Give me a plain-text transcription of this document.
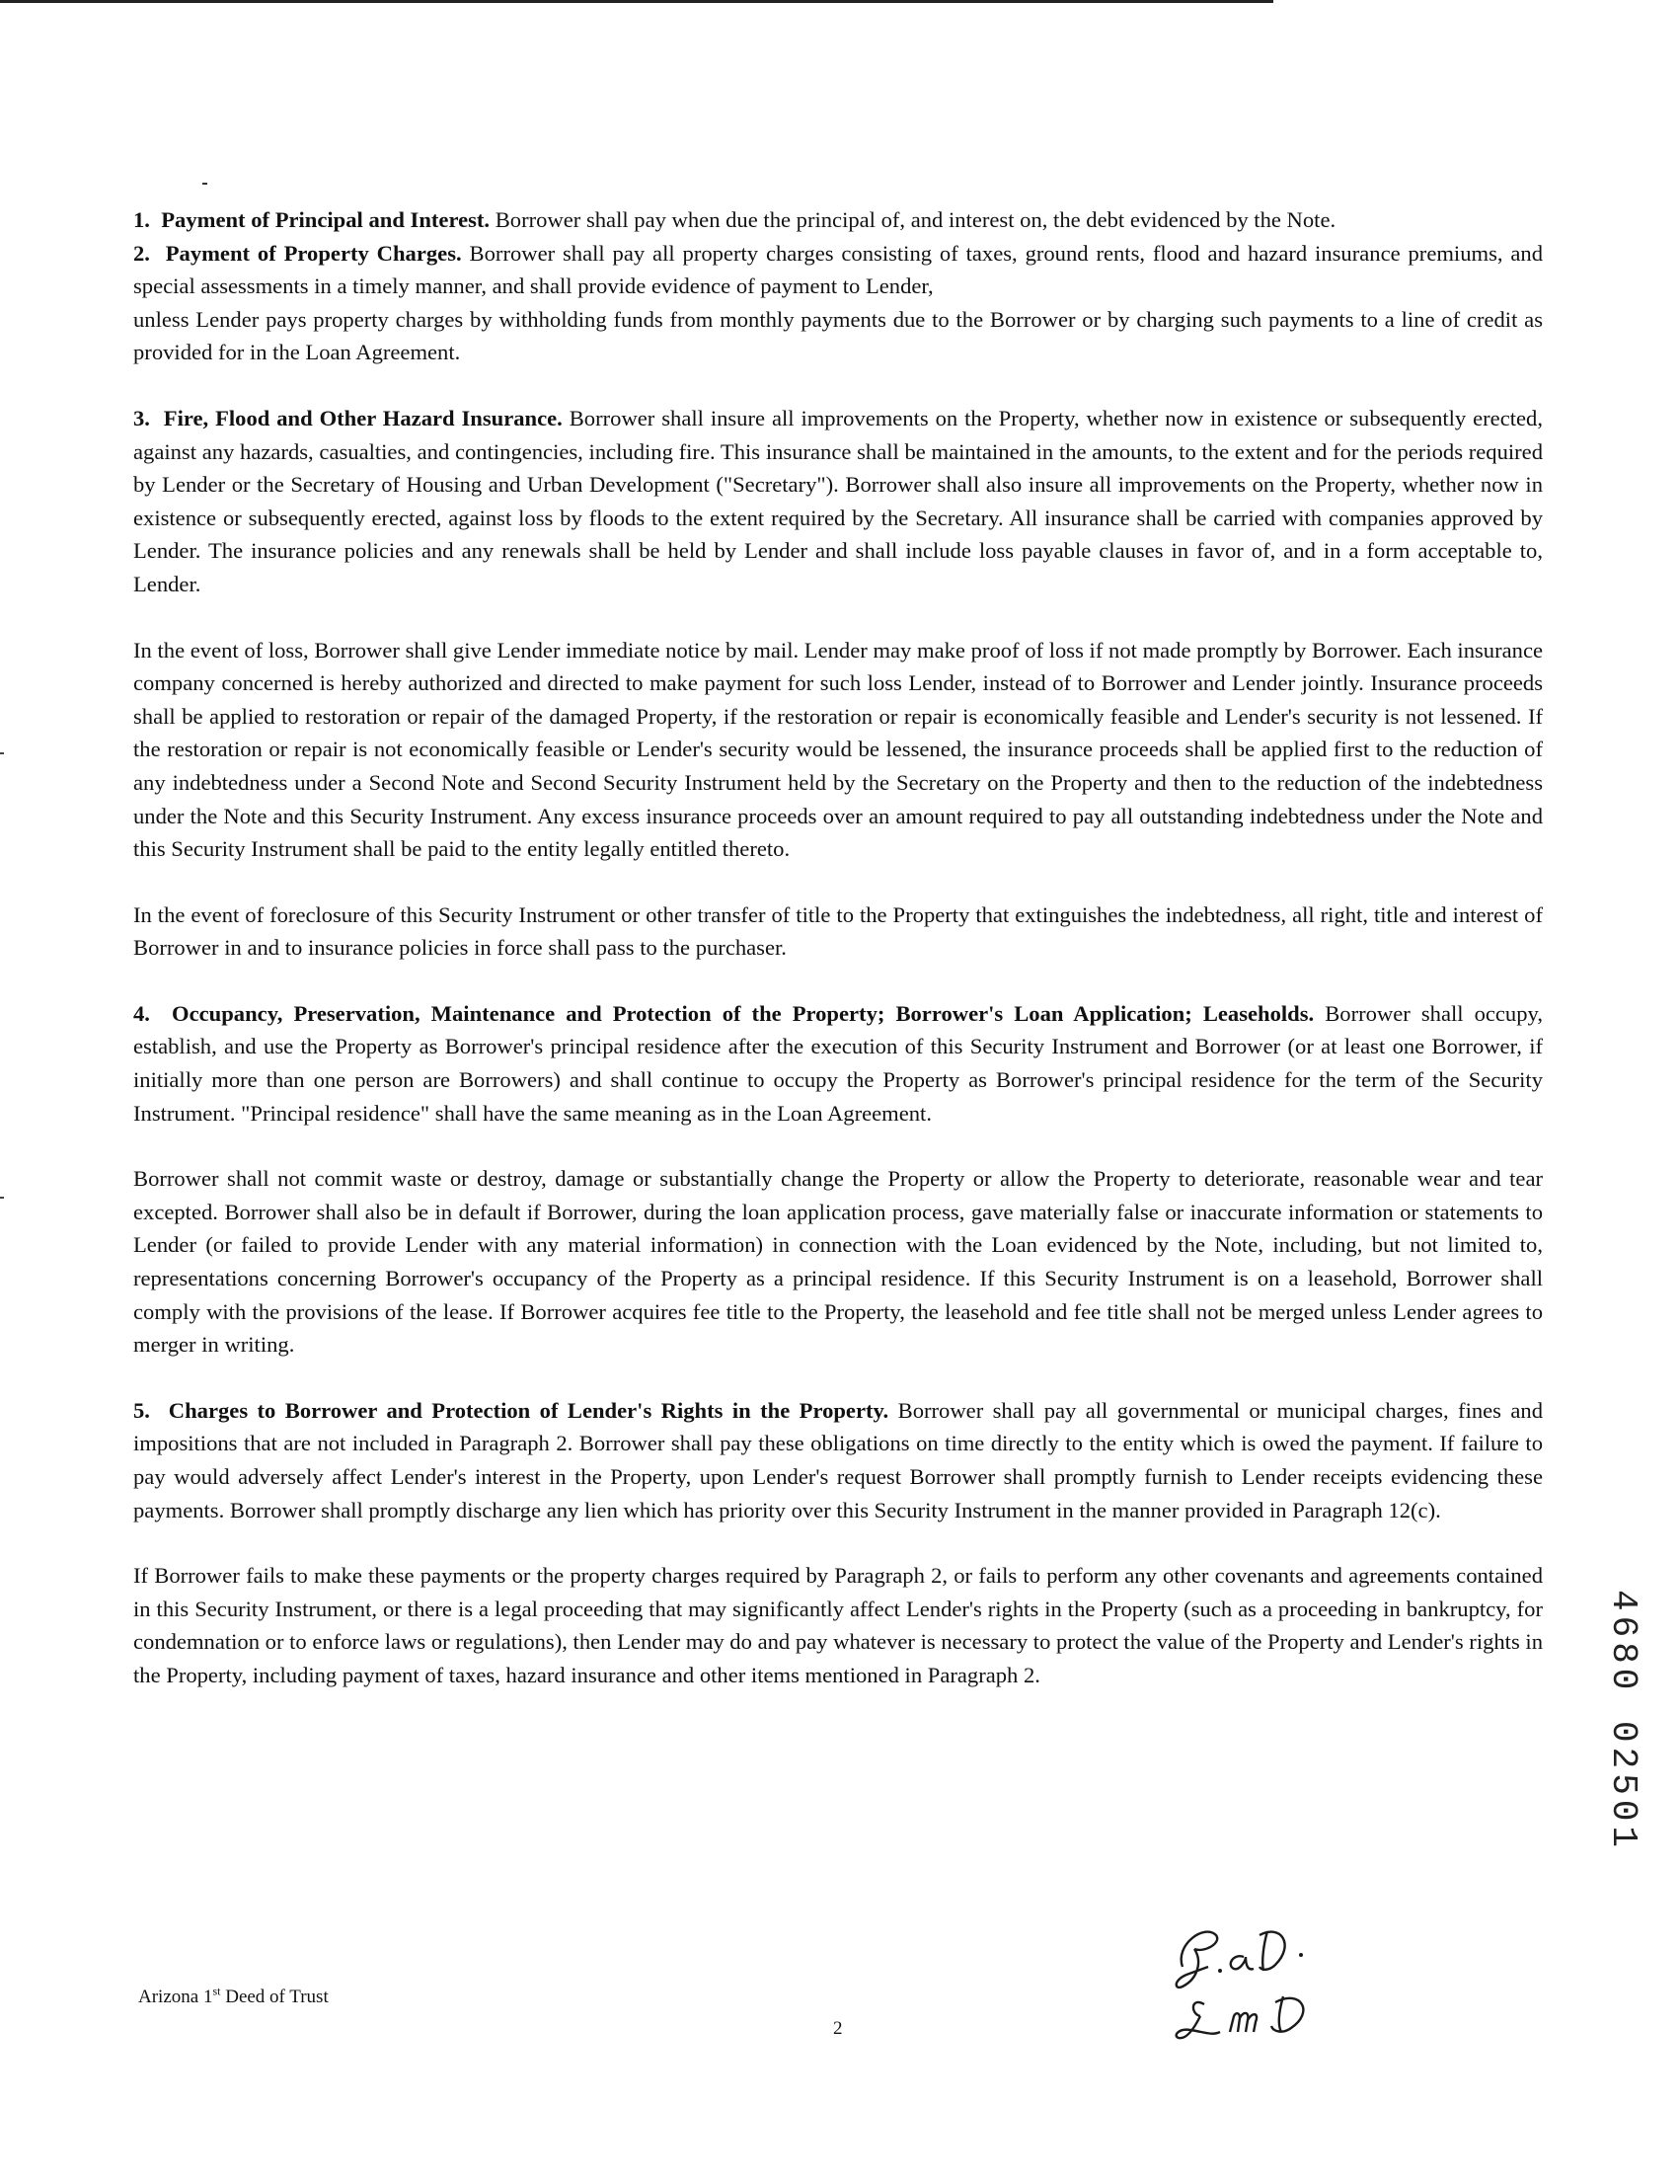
1. Payment of Principal and Interest. Borrower shall pay when due the principal of, and interest on, the debt evidenced by the Note.

2. Payment of Property Charges. Borrower shall pay all property charges consisting of taxes, ground rents, flood and hazard insurance premiums, and special assessments in a timely manner, and shall provide evidence of payment to Lender,

unless Lender pays property charges by withholding funds from monthly payments due to the Borrower or by charging such payments to a line of credit as provided for in the Loan Agreement.

3. Fire, Flood and Other Hazard Insurance. Borrower shall insure all improvements on the Property, whether now in existence or subsequently erected, against any hazards, casualties, and contingencies, including fire. This insurance shall be maintained in the amounts, to the extent and for the periods required by Lender or the Secretary of Housing and Urban Development ("Secretary"). Borrower shall also insure all improvements on the Property, whether now in existence or subsequently erected, against loss by floods to the extent required by the Secretary. All insurance shall be carried with companies approved by Lender. The insurance policies and any renewals shall be held by Lender and shall include loss payable clauses in favor of, and in a form acceptable to, Lender.

In the event of loss, Borrower shall give Lender immediate notice by mail. Lender may make proof of loss if not made promptly by Borrower. Each insurance company concerned is hereby authorized and directed to make payment for such loss Lender, instead of to Borrower and Lender jointly. Insurance proceeds shall be applied to restoration or repair of the damaged Property, if the restoration or repair is economically feasible and Lender's security is not lessened. If the restoration or repair is not economically feasible or Lender's security would be lessened, the insurance proceeds shall be applied first to the reduction of any indebtedness under a Second Note and Second Security Instrument held by the Secretary on the Property and then to the reduction of the indebtedness under the Note and this Security Instrument. Any excess insurance proceeds over an amount required to pay all outstanding indebtedness under the Note and this Security Instrument shall be paid to the entity legally entitled thereto.

In the event of foreclosure of this Security Instrument or other transfer of title to the Property that extinguishes the indebtedness, all right, title and interest of Borrower in and to insurance policies in force shall pass to the purchaser.

4. Occupancy, Preservation, Maintenance and Protection of the Property; Borrower's Loan Application; Leaseholds. Borrower shall occupy, establish, and use the Property as Borrower's principal residence after the execution of this Security Instrument and Borrower (or at least one Borrower, if initially more than one person are Borrowers) and shall continue to occupy the Property as Borrower's principal residence for the term of the Security Instrument. "Principal residence" shall have the same meaning as in the Loan Agreement.

Borrower shall not commit waste or destroy, damage or substantially change the Property or allow the Property to deteriorate, reasonable wear and tear excepted. Borrower shall also be in default if Borrower, during the loan application process, gave materially false or inaccurate information or statements to Lender (or failed to provide Lender with any material information) in connection with the Loan evidenced by the Note, including, but not limited to, representations concerning Borrower's occupancy of the Property as a principal residence. If this Security Instrument is on a leasehold, Borrower shall comply with the provisions of the lease. If Borrower acquires fee title to the Property, the leasehold and fee title shall not be merged unless Lender agrees to merger in writing.

5. Charges to Borrower and Protection of Lender's Rights in the Property. Borrower shall pay all governmental or municipal charges, fines and impositions that are not included in Paragraph 2. Borrower shall pay these obligations on time directly to the entity which is owed the payment. If failure to pay would adversely affect Lender's interest in the Property, upon Lender's request Borrower shall promptly furnish to Lender receipts evidencing these payments. Borrower shall promptly discharge any lien which has priority over this Security Instrument in the manner provided in Paragraph 12(c).

If Borrower fails to make these payments or the property charges required by Paragraph 2, or fails to perform any other covenants and agreements contained in this Security Instrument, or there is a legal proceeding that may significantly affect Lender's rights in the Property (such as a proceeding in bankruptcy, for condemnation or to enforce laws or regulations), then Lender may do and pay whatever is necessary to protect the value of the Property and Lender's rights in the Property, including payment of taxes, hazard insurance and other items mentioned in Paragraph 2.

Arizona 1st Deed of Trust
2
4680 02501
